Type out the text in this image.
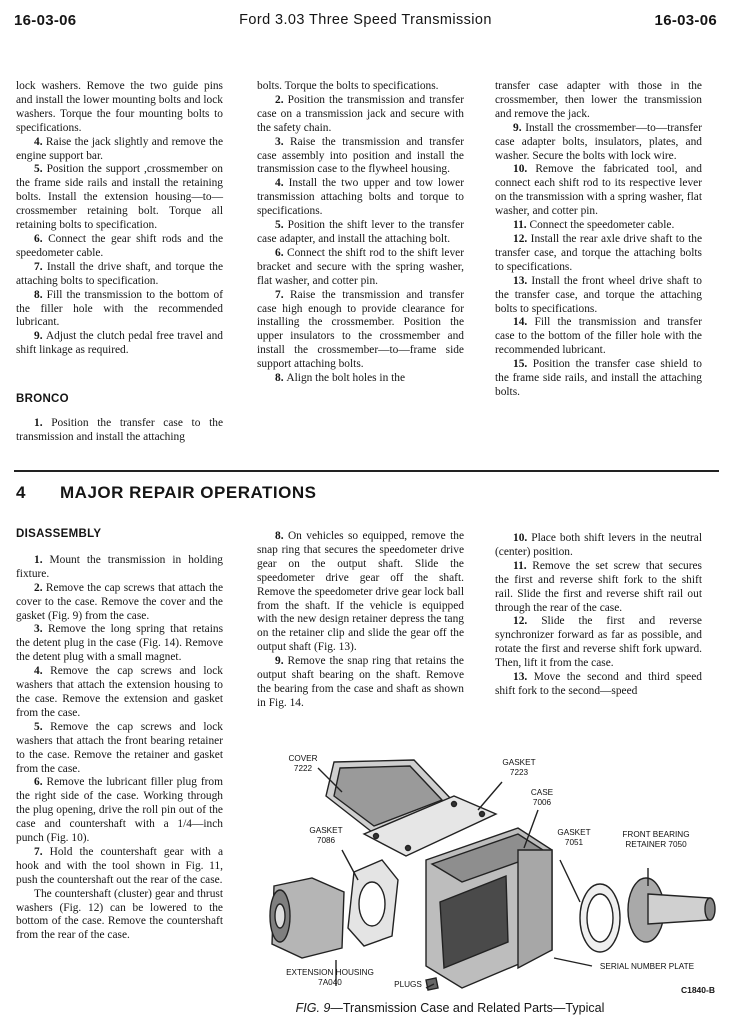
16-03-06	Ford 3.03 Three Speed Transmission	16-03-06

lock washers. Remove the two guide pins and install the lower mounting bolts and lock washers. Torque the four mounting bolts to specifications.

4. Raise the jack slightly and remove the engine support bar.

5. Position the support ,crossmember on the frame side rails and install the retaining bolts. Install the extension housing—to—crossmember retaining bolt. Torque all retaining bolts to specification.

6. Connect the gear shift rods and the speedometer cable.

7. Install the drive shaft, and torque the attaching bolts to specification.

8. Fill the transmission to the bottom of the filler hole with the recommended lubricant.

9. Adjust the clutch pedal free travel and shift linkage as required.

BRONCO

1. Position the transfer case to the transmission and install the attaching

bolts. Torque the bolts to specifications.

2. Position the transmission and transfer case on a transmission jack and secure with the safety chain.

3. Raise the transmission and transfer case assembly into position and install the transmission case to the flywheel housing.

4. Install the two upper and tow lower transmission attaching bolts and torque to specifications.

5. Position the shift lever to the transfer case adapter, and install the attaching bolt.

6. Connect the shift rod to the shift lever bracket and secure with the spring washer, flat washer, and cotter pin.

7. Raise the transmission and transfer case high enough to provide clearance for installing the crossmember. Position the upper insulators to the crossmember and install the crossmember—to—frame side support attaching bolts.

8. Align the bolt holes in the

transfer case adapter with those in the crossmember, then lower the transmission and remove the jack.

9. Install the crossmember—to—transfer case adapter bolts, insulators, plates, and washer. Secure the bolts with lock wire.

10. Remove the fabricated tool, and connect each shift rod to its respective lever on the transmission with a spring washer, flat washer, and cotter pin.

11. Connect the speedometer cable.

12. Install the rear axle drive shaft to the transfer case, and torque the attaching bolts to specifications.

13. Install the front wheel drive shaft to the transfer case, and torque the attaching bolts to specifications.

14. Fill the transmission and transfer case to the bottom of the filler hole with the recommended lubricant.

15. Position the transfer case shield to the frame side rails, and install the attaching bolts.

4 MAJOR REPAIR OPERATIONS
DISASSEMBLY

1. Mount the transmission in holding fixture.

2. Remove the cap screws that attach the cover to the case. Remove the cover and the gasket (Fig. 9) from the case.

3. Remove the long spring that retains the detent plug in the case (Fig. 14). Remove the detent plug with a small magnet.

4. Remove the cap screws and lock washers that attach the extension housing to the case. Remove the extension and gasket from the case.

5. Remove the cap screws and lock washers that attach the front bearing retainer to the case. Remove the retainer and gasket from the case.

6. Remove the lubricant filler plug from the right side of the case. Working through the plug opening, drive the roll pin out of the case and countershaft with a 1/4—inch punch (Fig. 10).

7. Hold the countershaft gear with a hook and with the tool shown in Fig. 11, push the countershaft out the rear of the case.

The countershaft (cluster) gear and thrust washers (Fig. 12) can be lowered to the bottom of the case. Remove the countershaft from the rear of the case.

8. On vehicles so equipped, remove the snap ring that secures the speedometer drive gear on the output shaft. Slide the speedometer drive gear off the shaft. Remove the speedometer drive gear lock ball from the shaft. If the vehicle is equipped with the new design retainer depress the tang on the retainer clip and slide the gear off the output shaft (Fig. 13).

9. Remove the snap ring that retains the output shaft bearing on the shaft. Remove the bearing from the case and shaft as shown in Fig. 14.

10. Place both shift levers in the neutral (center) position.

11. Remove the set screw that secures the first and reverse shift fork to the shift rail. Slide the first and reverse shift rail out through the rear of the case.

12. Slide the first and reverse synchronizer forward as far as possible, and rotate the first and reverse shift fork upward. Then, lift it from the case.

13. Move the second and third speed shift fork to the second—speed

COVER
7222
GASKET
7223
CASE
7006
GASKET
7086
GASKET
7051
FRONT BEARING
RETAINER 7050
EXTENSION HOUSING
7A040	PLUGS
SERIAL NUMBER PLATE
C1840-B
FIG. 9—Transmission Case and Related Parts—Typical
